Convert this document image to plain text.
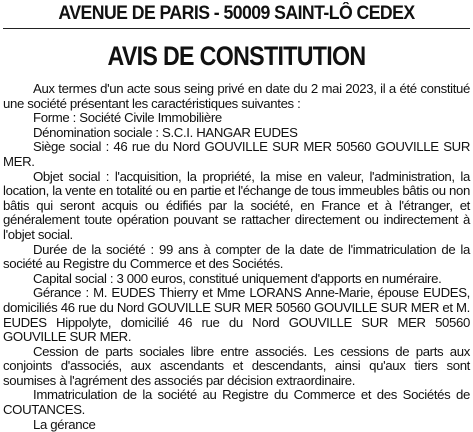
AVENUE DE PARIS - 50009 SAINT-LÔ CEDEX
AVIS DE CONSTITUTION

Aux termes d'un acte sous seing privé en date du 2 mai 2023, il a été constitué une société présentant les caractéristiques suivantes :

Forme : Société Civile Immobilière

Dénomination sociale : S.C.I. HANGAR EUDES

Siège social : 46 rue du Nord GOUVILLE SUR MER 50560 GOUVILLE SUR MER.

Objet social : l'acquisition, la propriété, la mise en valeur, l'administration, la location, la vente en totalité ou en partie et l'échange de tous immeubles bâtis ou non bâtis qui seront acquis ou édifiés par la société, en France et à l'étranger, et généralement toute opération pouvant se rattacher directement ou indirectement à l'objet social.

Durée de la société : 99 ans à compter de la date de l'immatriculation de la société au Registre du Commerce et des Sociétés.

Capital social : 3 000 euros, constitué uniquement d'apports en numéraire.

Gérance : M. EUDES Thierry et Mme LORANS Anne-Marie, épouse EUDES, domiciliés 46 rue du Nord GOUVILLE SUR MER 50560 GOUVILLE SUR MER et M. EUDES Hippolyte, domicilié 46 rue du Nord GOUVILLE SUR MER 50560 GOUVILLE SUR MER.

Cession de parts sociales libre entre associés. Les cessions de parts aux conjoints d'associés, aux ascendants et descendants, ainsi qu'aux tiers sont soumises à l'agrément des associés par décision extraordinaire.

Immatriculation de la société au Registre du Commerce et des Sociétés de COUTANCES.

La gérance
